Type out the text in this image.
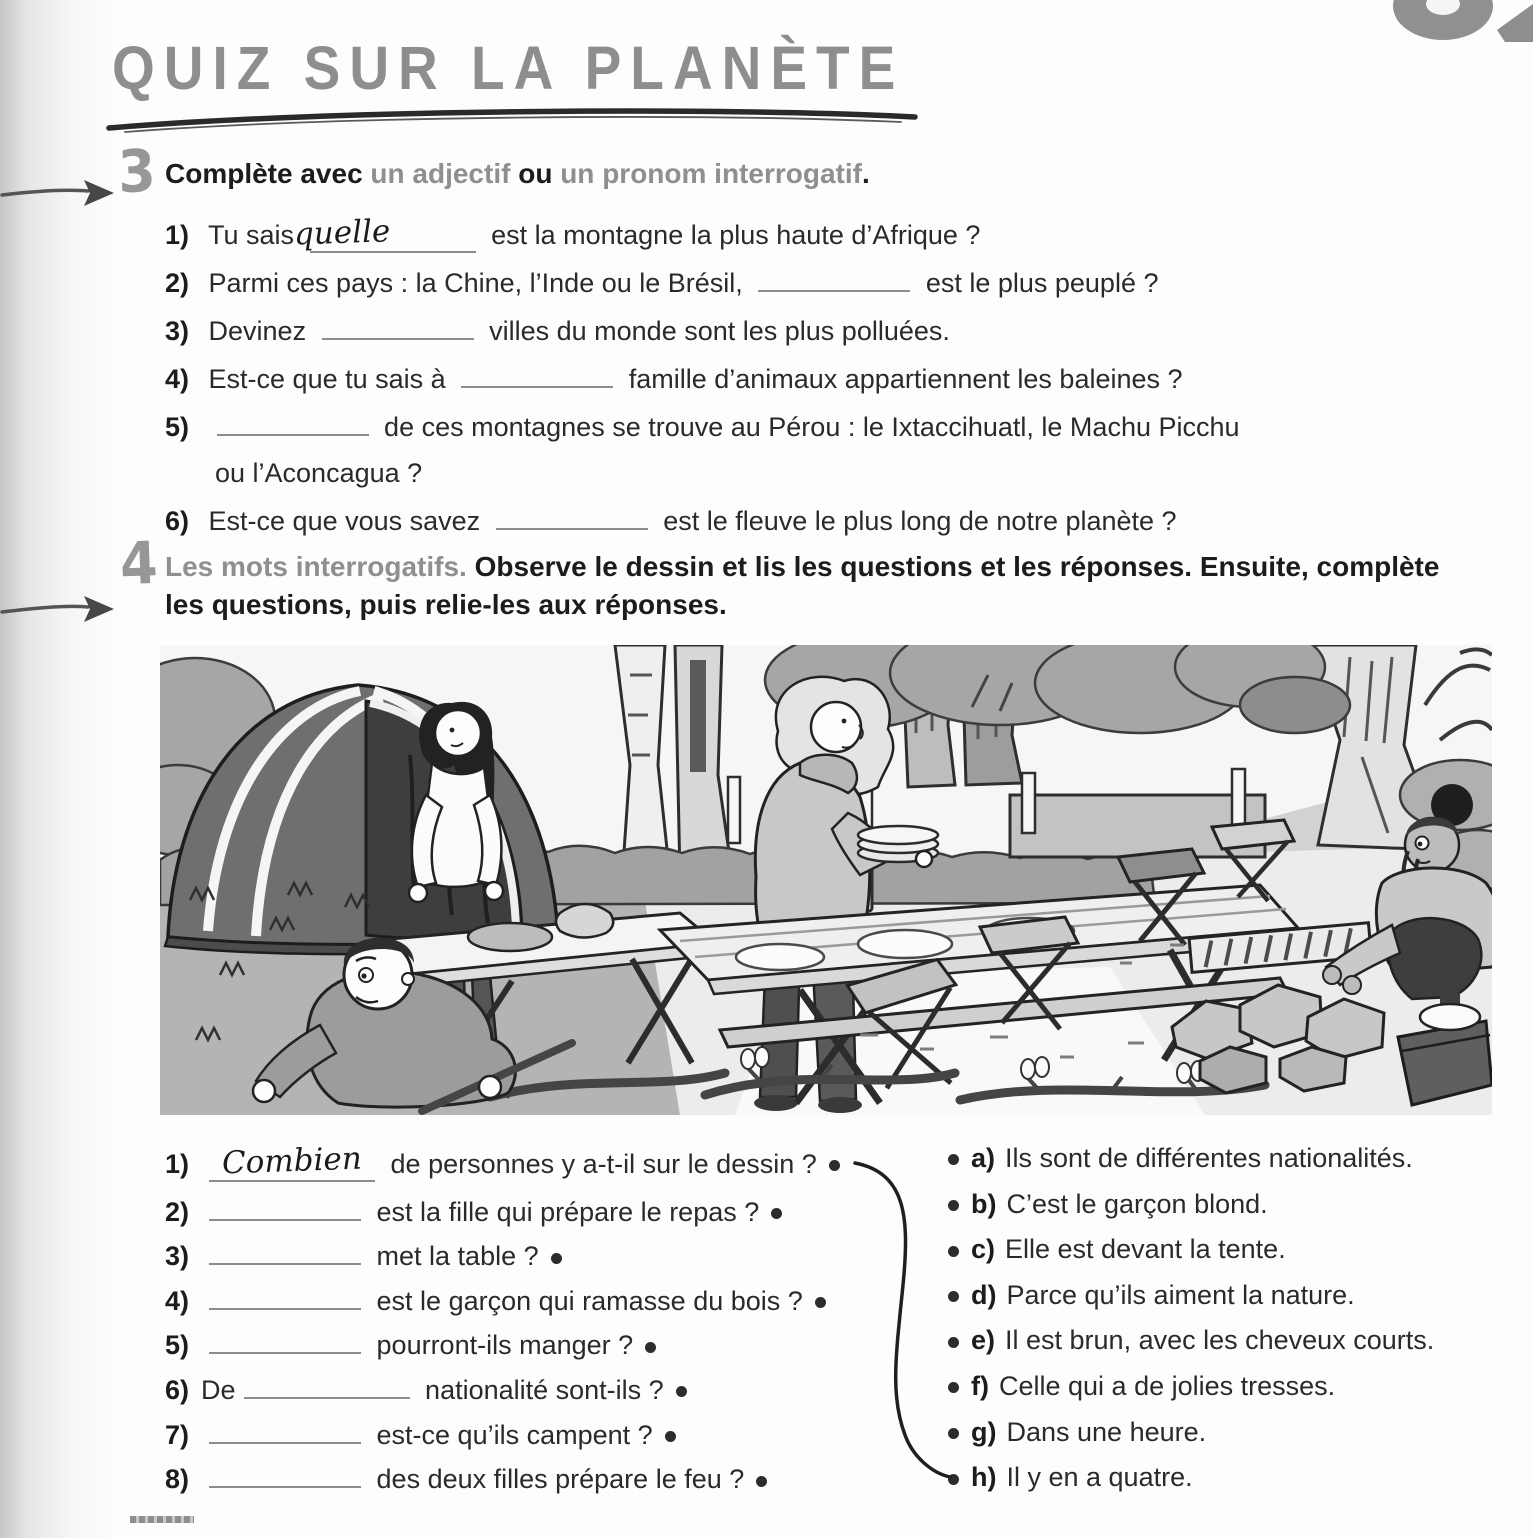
QUIZ SUR LA PLANÈTE
3 Complète avec un adjectif ou un pronom interrogatif.
1) Tu sais quelle	est la montagne la plus haute d’Afrique ?
2) Parmi ces pays : la Chine, l’Inde ou le Brésil,	est le plus peuplé ?
3) Devinez	villes du monde sont les plus polluées.
4) Est-ce que tu sais à	famille d’animaux appartiennent les baleines ?
5)	de ces montagnes se trouve au Pérou : le Ixtaccihuatl, le Machu Picchu
ou l’Aconcagua ?
6) Est-ce que vous savez	est le fleuve le plus long de notre planète ?
4 Les mots interrogatifs. Observe le dessin et lis les questions et les réponses. Ensuite, complète les questions, puis relie-les aux réponses.
1) Combien de personnes y a-t-il sur le dessin ?
2)	est la fille qui prépare le repas ?
3)	met la table ?
4)	est le garçon qui ramasse du bois ?
5)	pourront-ils manger ?
6) De	nationalité sont-ils ?
7)	est-ce qu’ils campent ?
8)	des deux filles prépare le feu ?
a) Ils sont de différentes nationalités.
b) C’est le garçon blond.
c) Elle est devant la tente.
d) Parce qu’ils aiment la nature.
e) Il est brun, avec les cheveux courts.
f) Celle qui a de jolies tresses.
g) Dans une heure.
h) Il y en a quatre.
